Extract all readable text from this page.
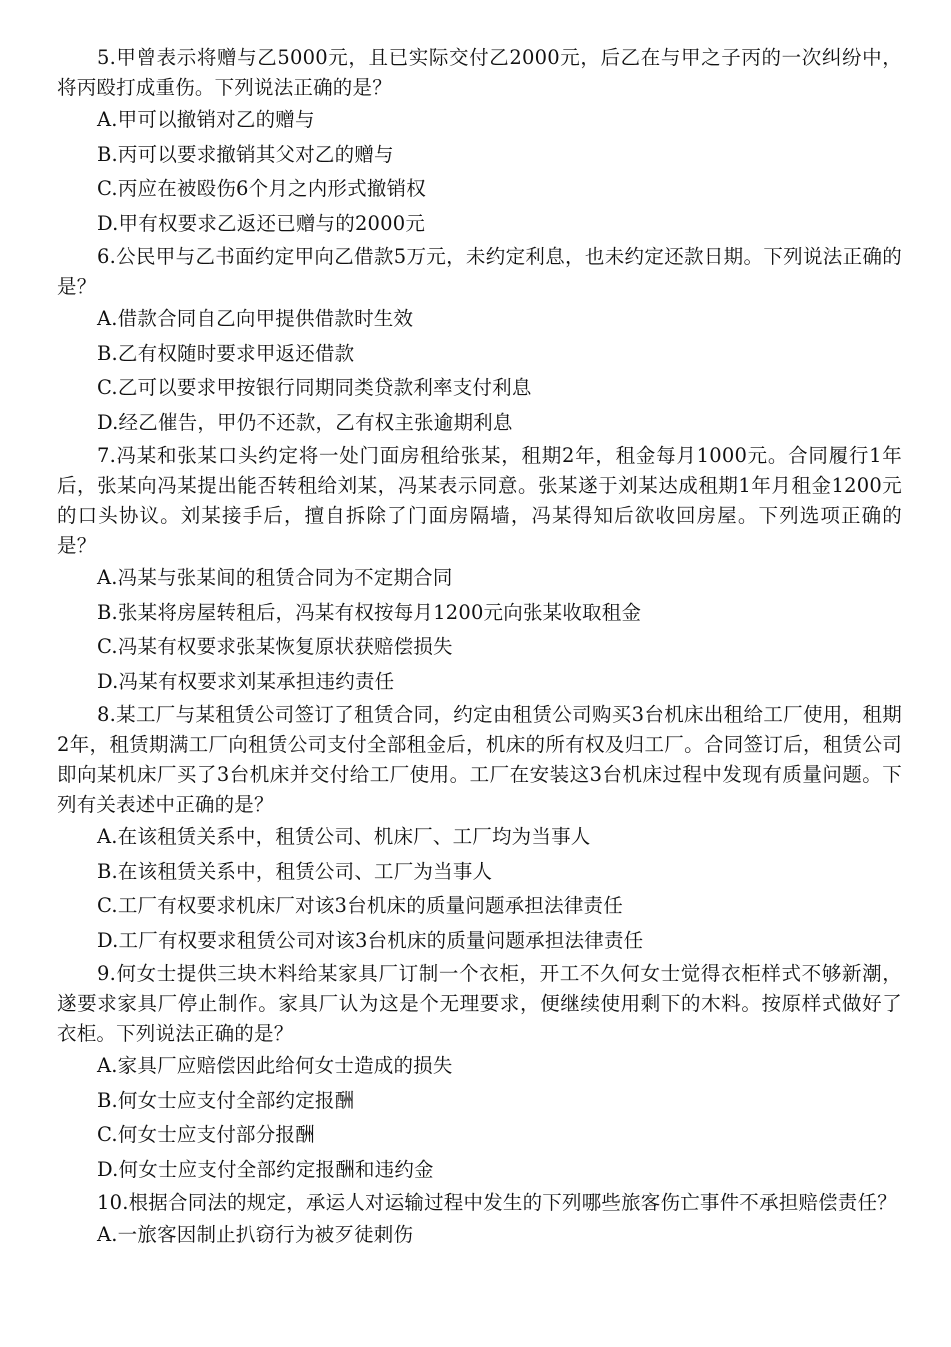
5.甲曾表示将赠与乙5000元，且已实际交付乙2000元，后乙在与甲之子丙的一次纠纷中，将丙殴打成重伤。下列说法正确的是？

A.甲可以撤销对乙的赠与

B.丙可以要求撤销其父对乙的赠与

C.丙应在被殴伤6个月之内形式撤销权

D.甲有权要求乙返还已赠与的2000元

6.公民甲与乙书面约定甲向乙借款5万元，未约定利息，也未约定还款日期。下列说法正确的是？

A.借款合同自乙向甲提供借款时生效

B.乙有权随时要求甲返还借款

C.乙可以要求甲按银行同期同类贷款利率支付利息

D.经乙催告，甲仍不还款，乙有权主张逾期利息

7.冯某和张某口头约定将一处门面房租给张某，租期2年，租金每月1000元。合同履行1年后，张某向冯某提出能否转租给刘某，冯某表示同意。张某遂于刘某达成租期1年月租金1200元的口头协议。刘某接手后，擅自拆除了门面房隔墙，冯某得知后欲收回房屋。下列选项正确的是？

A.冯某与张某间的租赁合同为不定期合同

B.张某将房屋转租后，冯某有权按每月1200元向张某收取租金

C.冯某有权要求张某恢复原状获赔偿损失

D.冯某有权要求刘某承担违约责任

8.某工厂与某租赁公司签订了租赁合同，约定由租赁公司购买3台机床出租给工厂使用，租期2年，租赁期满工厂向租赁公司支付全部租金后，机床的所有权及归工厂。合同签订后，租赁公司即向某机床厂买了3台机床并交付给工厂使用。工厂在安装这3台机床过程中发现有质量问题。下列有关表述中正确的是？

A.在该租赁关系中，租赁公司、机床厂、工厂均为当事人

B.在该租赁关系中，租赁公司、工厂为当事人

C.工厂有权要求机床厂对该3台机床的质量问题承担法律责任

D.工厂有权要求租赁公司对该3台机床的质量问题承担法律责任

9.何女士提供三块木料给某家具厂订制一个衣柜，开工不久何女士觉得衣柜样式不够新潮，遂要求家具厂停止制作。家具厂认为这是个无理要求，便继续使用剩下的木料。按原样式做好了衣柜。下列说法正确的是？

A.家具厂应赔偿因此给何女士造成的损失

B.何女士应支付全部约定报酬

C.何女士应支付部分报酬

D.何女士应支付全部约定报酬和违约金

10.根据合同法的规定，承运人对运输过程中发生的下列哪些旅客伤亡事件不承担赔偿责任？

A.一旅客因制止扒窃行为被歹徒刺伤
